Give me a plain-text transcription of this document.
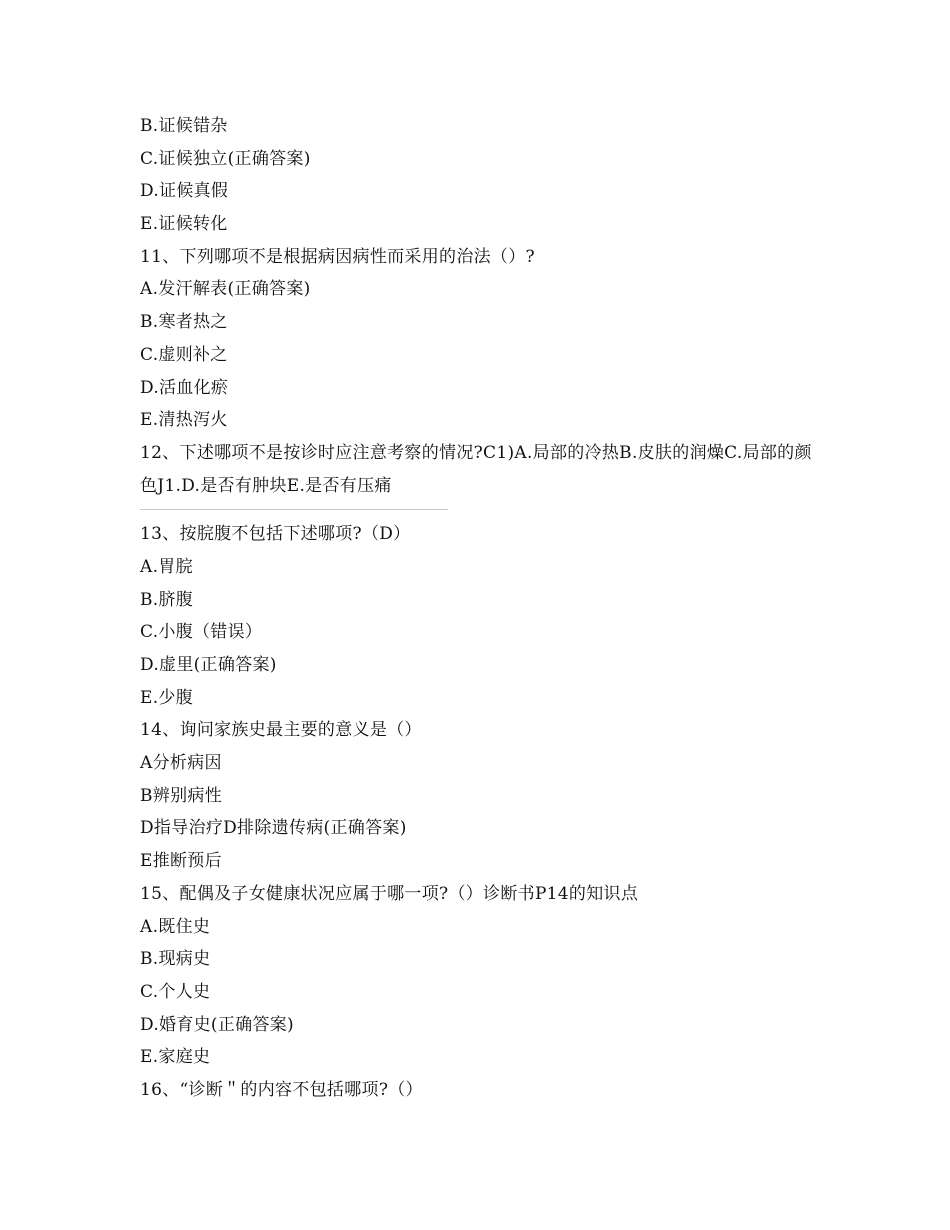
B.证候错杂
C.证候独立(正确答案)
D.证候真假
E.证候转化
11、下列哪项不是根据病因病性而采用的治法（）?
A.发汗解表(正确答案)
B.寒者热之
C.虚则补之
D.活血化瘀
E.清热泻火
12、下述哪项不是按诊时应注意考察的情况?C1)A.局部的冷热B.皮肤的润燥C.局部的颜色J1.D.是否有肿块E.是否有压痛
13、按脘腹不包括下述哪项?（D）
A.胃脘
B.脐腹
C.小腹（错误）
D.虚里(正确答案)
E.少腹
14、询问家族史最主要的意义是（）
A分析病因
B辨别病性
D指导治疗D排除遗传病(正确答案)
E推断预后
15、配偶及子女健康状况应属于哪一项?（）诊断书P14的知识点
A.既住史
B.现病史
C.个人史
D.婚育史(正确答案)
E.家庭史
16、“诊断＂的内容不包括哪项?（）
